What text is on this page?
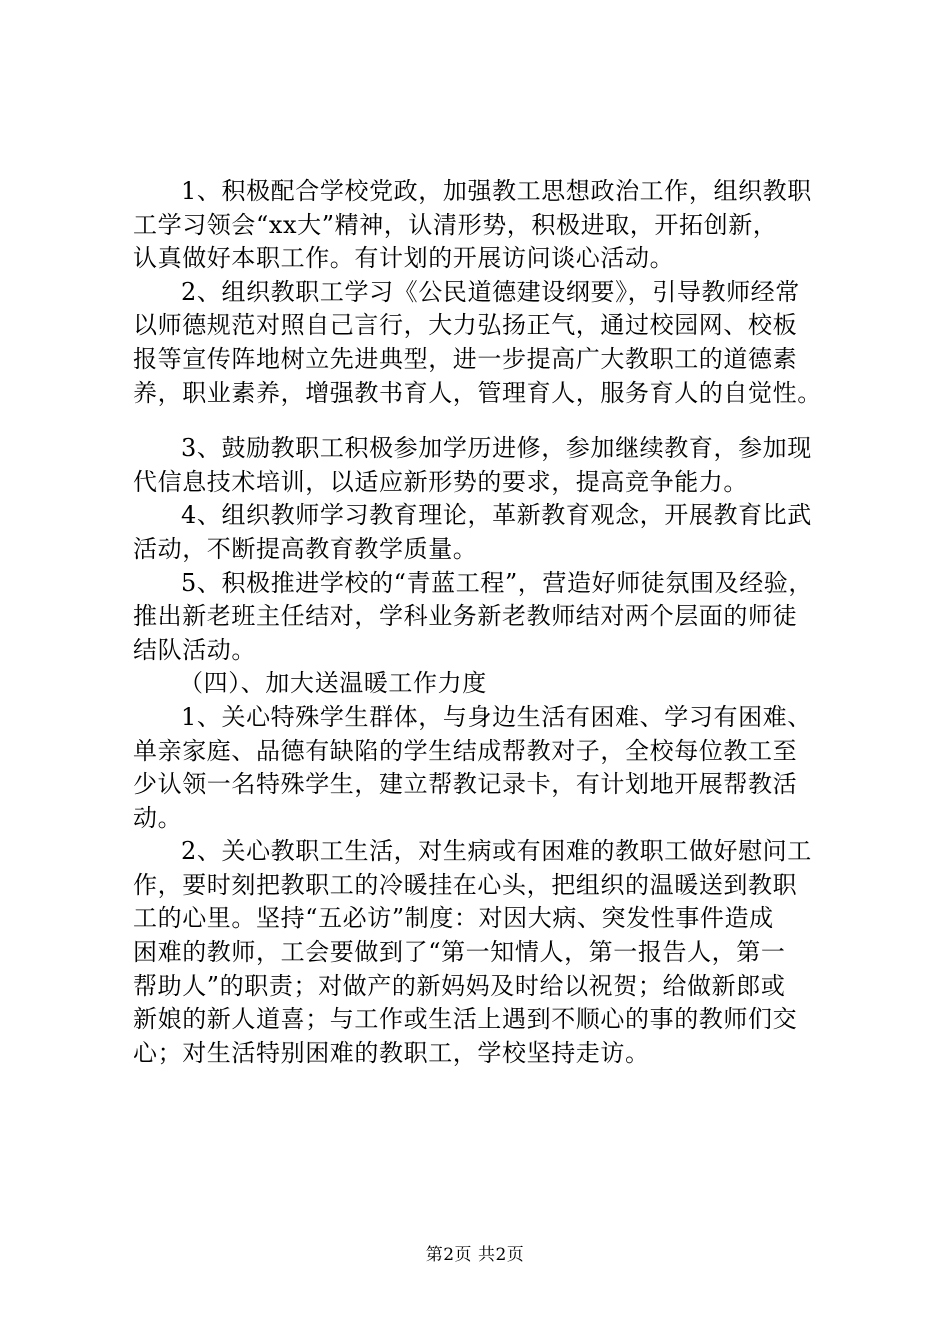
1、积极配合学校党政，加强教工思想政治工作，组织教职
工学习领会“xx大”精神，认清形势，积极进取，开拓创新，
认真做好本职工作。有计划的开展访问谈心活动。
2、组织教职工学习《公民道德建设纲要》，引导教师经常
以师德规范对照自己言行，大力弘扬正气，通过校园网、校板
报等宣传阵地树立先进典型，进一步提高广大教职工的道德素
养，职业素养，增强教书育人，管理育人，服务育人的自觉性。
3、鼓励教职工积极参加学历进修，参加继续教育，参加现
代信息技术培训，以适应新形势的要求，提高竞争能力。
4、组织教师学习教育理论，革新教育观念，开展教育比武
活动，不断提高教育教学质量。
5、积极推进学校的“青蓝工程”，营造好师徒氛围及经验，
推出新老班主任结对，学科业务新老教师结对两个层面的师徒
结队活动。
（四）、加大送温暖工作力度
1、关心特殊学生群体，与身边生活有困难、学习有困难、
单亲家庭、品德有缺陷的学生结成帮教对子，全校每位教工至
少认领一名特殊学生，建立帮教记录卡，有计划地开展帮教活
动。
2、关心教职工生活，对生病或有困难的教职工做好慰问工
作，要时刻把教职工的冷暖挂在心头，把组织的温暖送到教职
工的心里。坚持“五必访”制度：对因大病、突发性事件造成
困难的教师，工会要做到了“第一知情人，第一报告人，第一
帮助人”的职责；对做产的新妈妈及时给以祝贺；给做新郎或
新娘的新人道喜；与工作或生活上遇到不顺心的事的教师们交
心；对生活特别困难的教职工，学校坚持走访。
第2页 共2页
